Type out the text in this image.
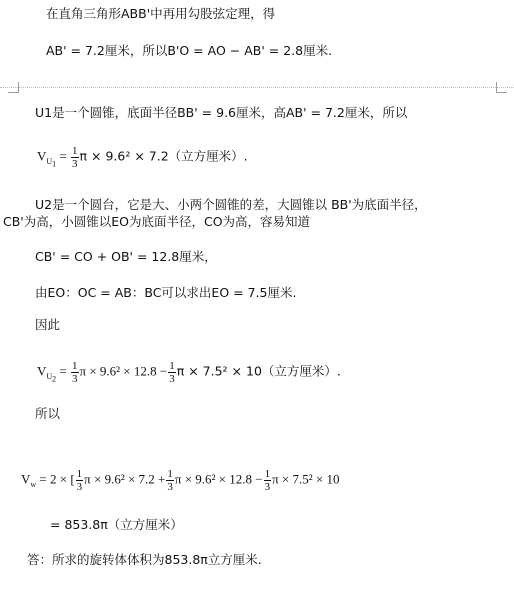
在直角三角形ABB'中再用勾股弦定理，得
AB' = 7.2厘米，所以B'O = AO − AB' = 2.8厘米.
U1是一个圆锥，底面半径BB' = 9.6厘米，高AB' = 7.2厘米，所以
$V_{U_1} = \frac{1}{3}$ π × 9.6² × 7.2（立方厘米）.
U2是一个圆台，它是大、小两个圆锥的差，大圆锥以 BB'为底面半径，
CB'为高，小圆锥以EO为底面半径，CO为高，容易知道
CB' = CO + OB' = 12.8厘米，
由EO：OC = AB：BC可以求出EO = 7.5厘米.
因此
$V_{U_2} = \frac{1}{3}$ $\pi \times 9.6^2 \times 12.8 - \frac{1}{3}$ π × 7.5² × 10（立方厘米）.
所以
$V_w = 2$ × [ $\frac{1}{3}$ $\pi \times 9.6^2 \times 7.2 + \frac{1}{3}$ $\pi \times 9.6^2 \times 12.8 - \frac{1}{3}$ π × 7.5² × 10
= 853.8π（立方厘米）
答：所求的旋转体体积为853.8π立方厘米.
